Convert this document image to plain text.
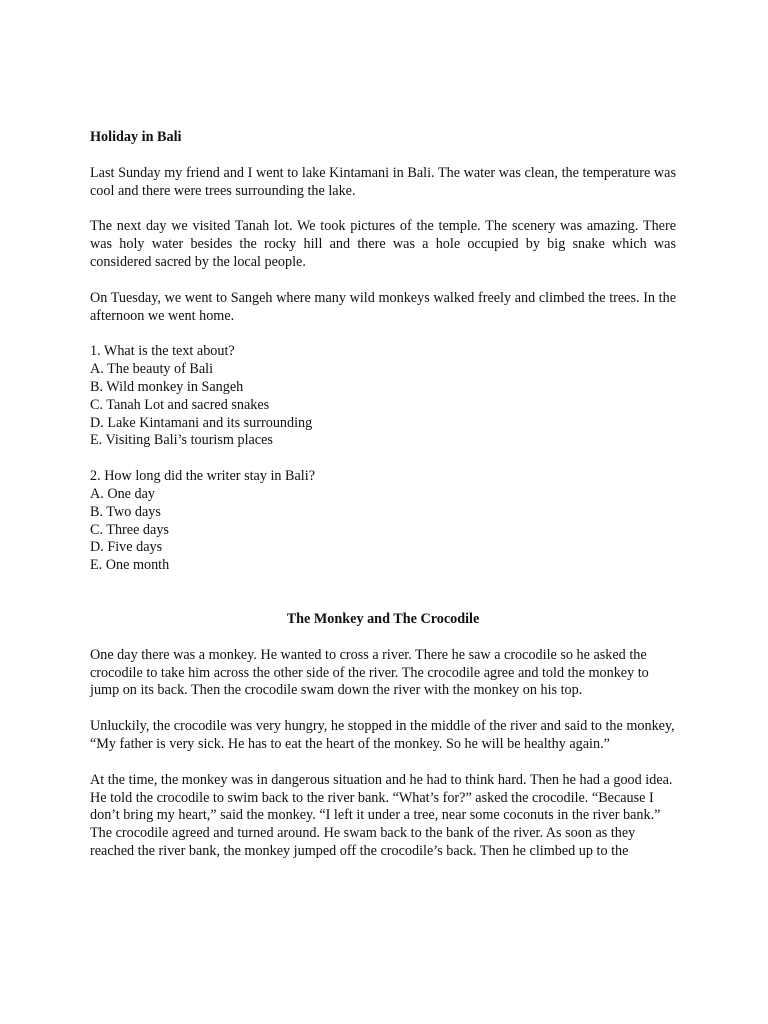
Holiday in Bali

Last Sunday my friend and I went to lake Kintamani in Bali. The water was clean, the temperature was cool and there were trees surrounding the lake.

The next day we visited Tanah lot. We took pictures of the temple. The scenery was amazing. There was holy water besides the rocky hill and there was a hole occupied by big snake which was considered sacred by the local people.

On Tuesday, we went to Sangeh where many wild monkeys walked freely and climbed the trees. In the afternoon we went home.

1. What is the text about?
A. The beauty of Bali
B. Wild monkey in Sangeh
C. Tanah Lot and sacred snakes
D. Lake Kintamani and its surrounding
E. Visiting Bali’s tourism places
2. How long did the writer stay in Bali?
A. One day
B. Two days
C. Three days
D. Five days
E. One month
The Monkey and The Crocodile

One day there was a monkey. He wanted to cross a river. There he saw a crocodile so he asked the crocodile to take him across the other side of the river. The crocodile agree and told the monkey to jump on its back. Then the crocodile swam down the river with the monkey on his top.

Unluckily, the crocodile was very hungry, he stopped in the middle of the river and said to the monkey, “My father is very sick. He has to eat the heart of the monkey. So he will be healthy again.”

At the time, the monkey was in dangerous situation and he had to think hard. Then he had a good idea. He told the crocodile to swim back to the river bank. “What’s for?” asked the crocodile. “Because I don’t bring my heart,” said the monkey. “I left it under a tree, near some coconuts in the river bank.”

The crocodile agreed and turned around. He swam back to the bank of the river. As soon as they reached the river bank, the monkey jumped off the crocodile’s back. Then he climbed up to the
